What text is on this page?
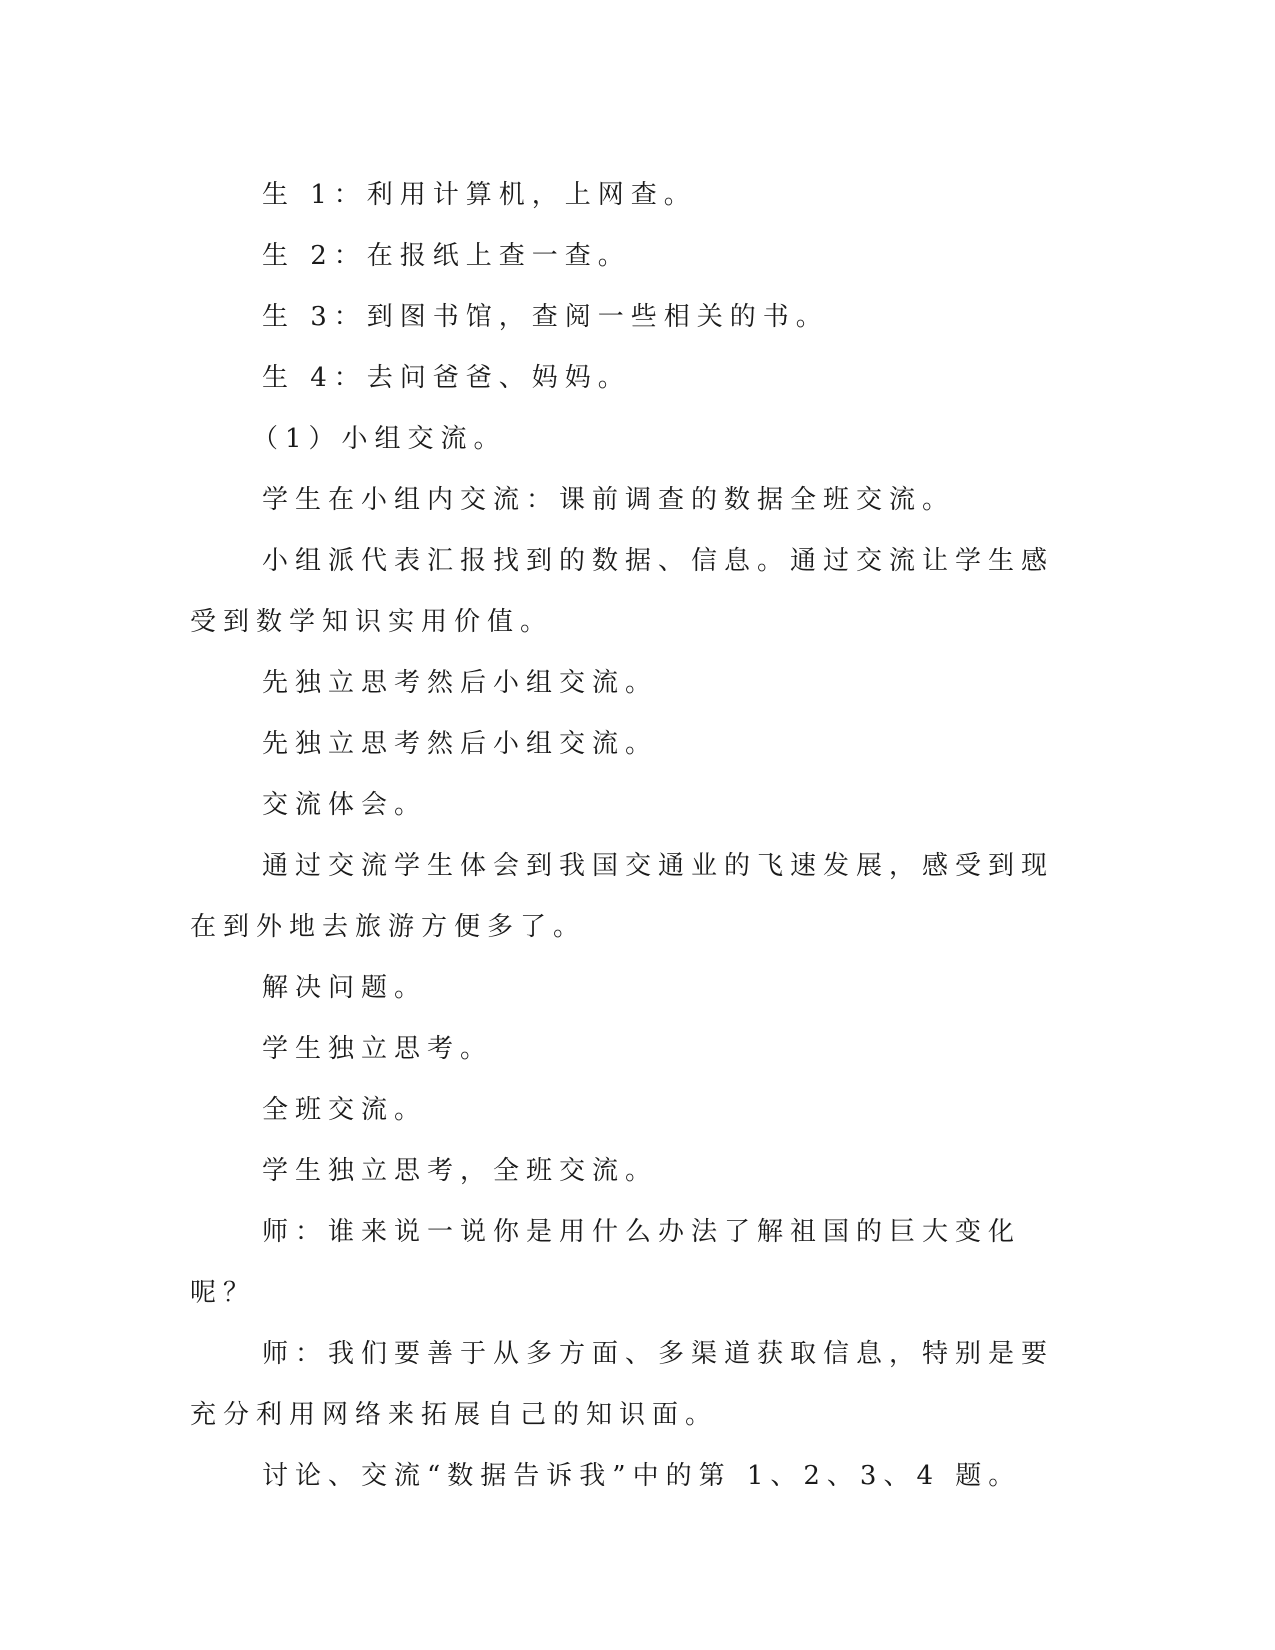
生 1：利用计算机，上网查。

生 2：在报纸上查一查。

生 3：到图书馆，查阅一些相关的书。

生 4：去问爸爸、妈妈。

（1）小组交流。

学生在小组内交流：课前调查的数据全班交流。

小组派代表汇报找到的数据、信息。通过交流让学生感受到数学知识实用价值。

先独立思考然后小组交流。

先独立思考然后小组交流。

交流体会。

通过交流学生体会到我国交通业的飞速发展，感受到现在到外地去旅游方便多了。

解决问题。

学生独立思考。

全班交流。

学生独立思考，全班交流。

师：谁来说一说你是用什么办法了解祖国的巨大变化呢？

师：我们要善于从多方面、多渠道获取信息，特别是要充分利用网络来拓展自己的知识面。

讨论、交流“数据告诉我”中的第 1、2、3、4 题。
